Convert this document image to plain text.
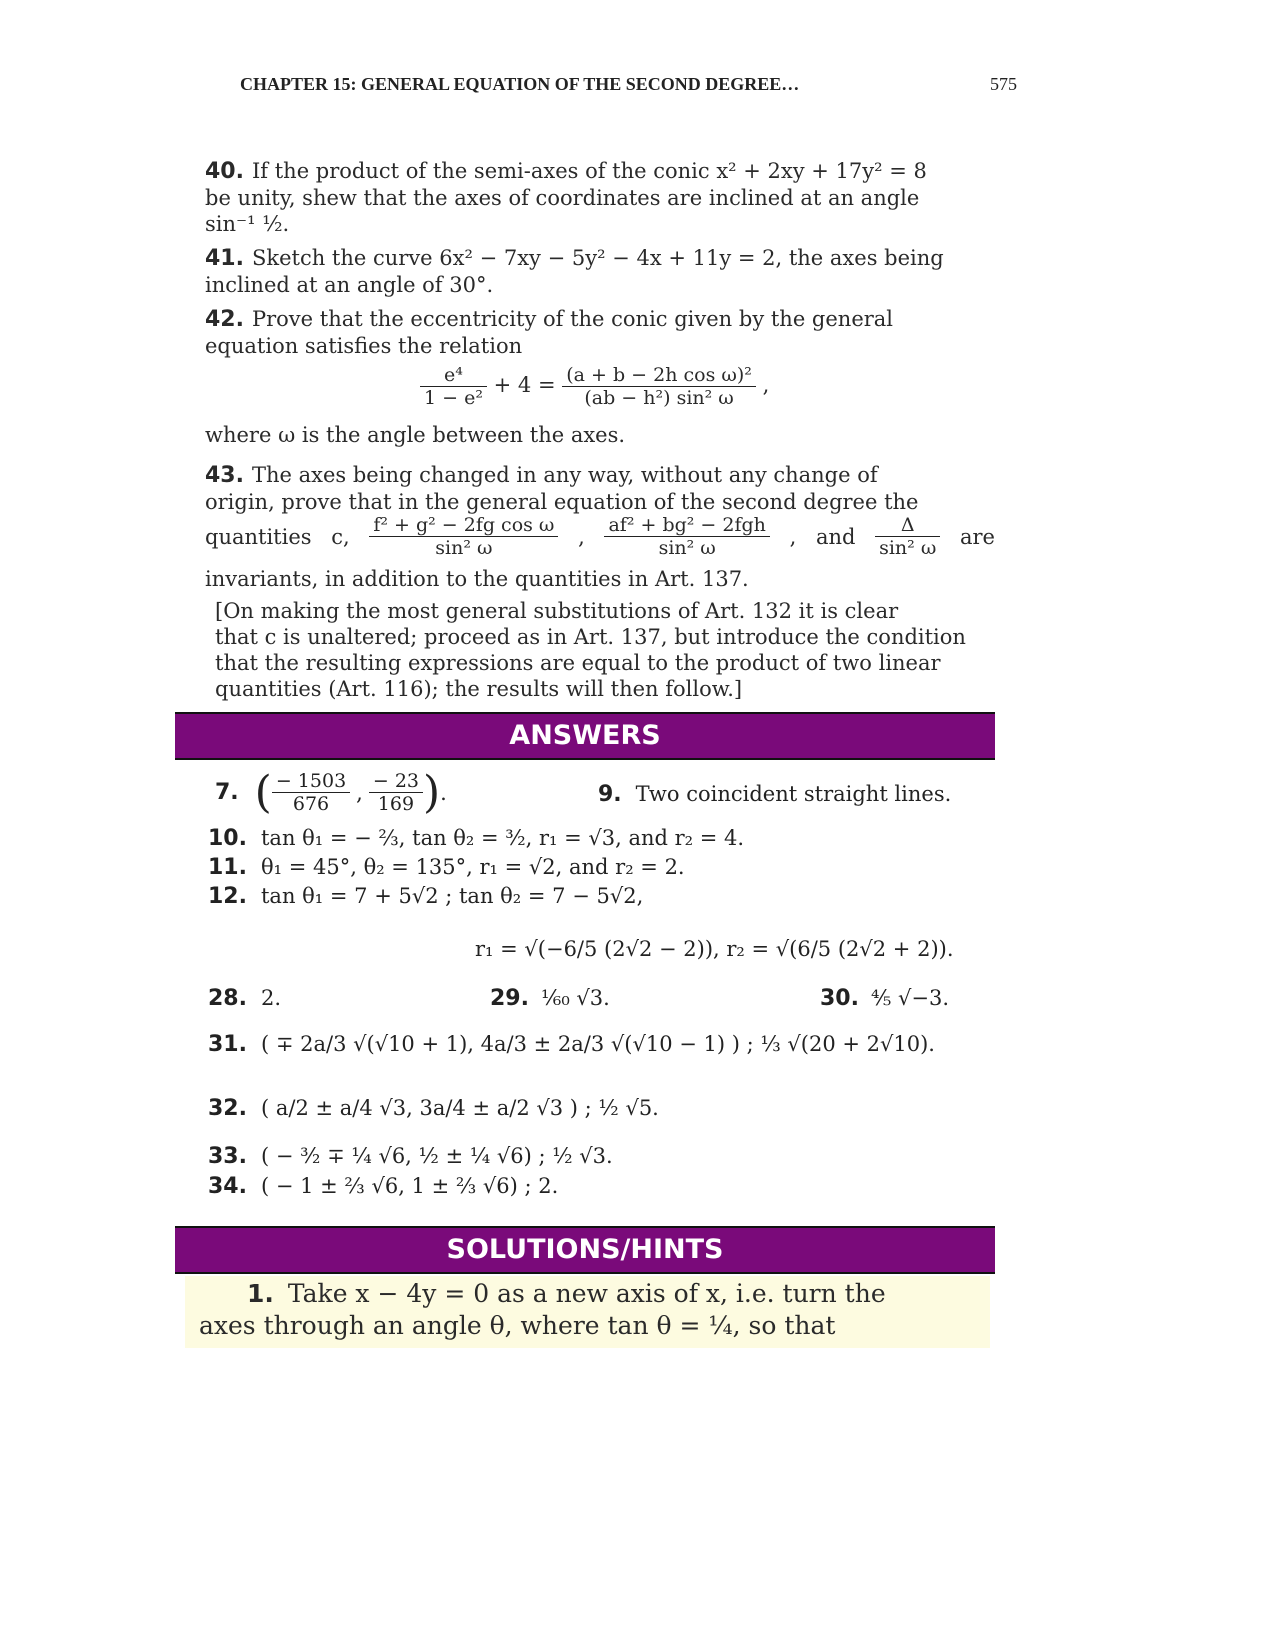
CHAPTER 15: GENERAL EQUATION OF THE SECOND DEGREE…	575
40. If the product of the semi-axes of the conic x² + 2xy + 17y² = 8
be unity, shew that the axes of coordinates are inclined at an angle
sin⁻¹ ½.
41. Sketch the curve 6x² − 7xy − 5y² − 4x + 11y = 2, the axes being
inclined at an angle of 30°.
42. Prove that the eccentricity of the conic given by the general
equation satisfies the relation
$\frac{\text{e⁴}}{\text{1 − e²}} + 4 = \frac{\text{(a + b − 2h cos ω)²}}{\text{(ab − h²) sin² ω}}$ ,
where ω is the angle between the axes.
43. The axes being changed in any way, without any change of
origin, prove that in the general equation of the second degree the
quantities c, $\frac{\text{f² + g² − 2fg cos ω}}{\text{sin² ω}}$ , $\frac{\text{af² + bg² − 2fgh}}{\text{sin² ω}}$ , and $\frac{\Delta}{\text{sin² ω}}$ are
invariants, in addition to the quantities in Art. 137.
[On making the most general substitutions of Art. 132 it is clear
that c is unaltered; proceed as in Art. 137, but introduce the condition
that the resulting expressions are equal to the product of two linear
quantities (Art. 116); the results will then follow.]
ANSWERS
7. ( $\frac{- 1503}{676}$ , $\frac{- 23}{169}$ ) .	9. Two coincident straight lines.
10. tan θ₁ = − ⅔, tan θ₂ = ³⁄₂, r₁ = √3, and r₂ = 4.
11. θ₁ = 45°, θ₂ = 135°, r₁ = √2, and r₂ = 2.
12. tan θ₁ = 7 + 5√2 ; tan θ₂ = 7 − 5√2,
r₁ = √(−6/5 (2√2 − 2)), r₂ = √(6/5 (2√2 + 2)).
28. 2.	29. ¹⁄₆₀ √3.	30. ⅘ √−3.
31. ( ∓ 2a/3 √(√10 + 1), 4a/3 ± 2a/3 √(√10 − 1) ) ; ⅓ √(20 + 2√10).
32. ( a/2 ± a/4 √3, 3a/4 ± a/2 √3 ) ; ½ √5.
33. ( − ³⁄₂ ∓ ¼ √6, ½ ± ¼ √6) ; ½ √3.
34. ( − 1 ± ⅔ √6, 1 ± ⅔ √6) ; 2.
SOLUTIONS/HINTS
1. Take x − 4y = 0 as a new axis of x, i.e. turn the
axes through an angle θ, where tan θ = ¼, so that
